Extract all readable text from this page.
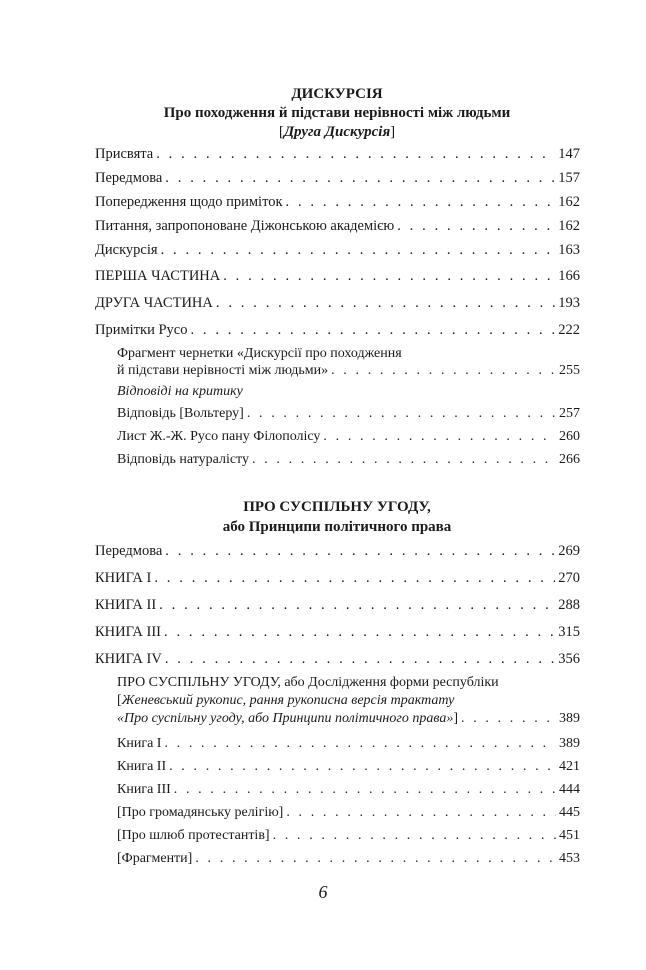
ДИСКУРСІЯ
Про походження й підстави нерівності між людьми
[Друга Дискурсія]
Присвята . . .	147
Передмова . . .	157
Попередження щодо приміток . . .	162
Питання, запропоноване Діжонською академією . . .	162
Дискурсія . . .	163
ПЕРША ЧАСТИНА . . .	166
ДРУГА ЧАСТИНА . . .	193
Примітки Русо . . .	222
Фрагмент чернетки «Дискурсії про походження
й підстави нерівності між людьми» . . .	255
Відповіді на критику
Відповідь [Вольтеру] . . .	257
Лист Ж.-Ж. Русо пану Філополісу . . .	260
Відповідь натуралісту . . .	266
ПРО СУСПІЛЬНУ УГОДУ,
або Принципи політичного права
Передмова . . .	269
КНИГА І . . .	270
КНИГА II . . .	288
КНИГА III . . .	315
КНИГА IV . . .	356
ПРО СУСПІЛЬНУ УГОДУ, або Дослідження форми республіки
[Женевський рукопис, рання рукописна версія трактату
«Про суспільну угоду, або Принципи політичного права»] . . .	389
Книга І . . .	389
Книга II . . .	421
Книга III . . .	444
[Про громадянську релігію] . . .	445
[Про шлюб протестантів] . . .	451
[Фрагменти] . . .	453
6
